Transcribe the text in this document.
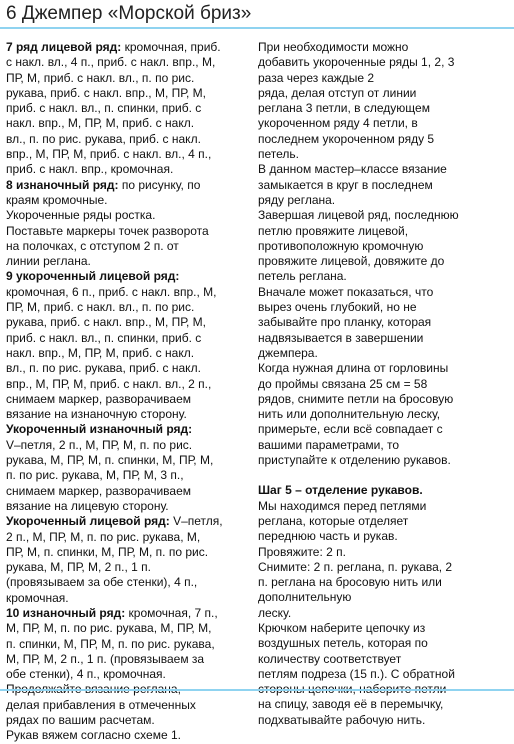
6 Джемпер «Морской бриз»

7 ряд лицевой ряд: кромочная, приб.
с накл. вл., 4 п., приб. с накл. впр., М,
ПР, М, приб. с накл. вл., п. по рис.
рукава, приб. с накл. впр., М, ПР, М,
приб. с накл. вл., п. спинки, приб. с
накл. впр., М, ПР, М, приб. с накл.
вл., п. по рис. рукава, приб. с накл.
впр., М, ПР, М, приб. с накл. вл., 4 п.,
приб. с накл. впр., кромочная.

8 изнаночный ряд: по рисунку, по
краям кромочные.
Укороченные ряды ростка.
Поставьте маркеры точек разворота
на полочках, с отступом 2 п. от
линии реглана.

9 укороченный лицевой ряд:
кромочная, 6 п., приб. с накл. впр., М,
ПР, М, приб. с накл. вл., п. по рис.
рукава, приб. с накл. впр., М, ПР, М,
приб. с накл. вл., п. спинки, приб. с
накл. впр., М, ПР, М, приб. с накл.
вл., п. по рис. рукава, приб. с накл.
впр., М, ПР, М, приб. с накл. вл., 2 п.,
снимаем маркер, разворачиваем
вязание на изнаночную сторону.

Укороченный изнаночный ряд:
V–петля, 2 п., М, ПР, М, п. по рис.
рукава, М, ПР, М, п. спинки, М, ПР, М,
п. по рис. рукава, М, ПР, М, 3 п.,
снимаем маркер, разворачиваем
вязание на лицевую сторону.

Укороченный лицевой ряд: V–петля,
2 п., М, ПР, М, п. по рис. рукава, М,
ПР, М, п. спинки, М, ПР, М, п. по рис.
рукава, М, ПР, М, 2 п., 1 п.
(провязываем за обе стенки), 4 п.,
кромочная.

10 изнаночный ряд: кромочная, 7 п.,
М, ПР, М, п. по рис. рукава, М, ПР, М,
п. спинки, М, ПР, М, п. по рис. рукава,
М, ПР, М, 2 п., 1 п. (провязываем за
обе стенки), 4 п., кромочная.
Продолжайте вязание реглана,
делая прибавления в отмеченных
рядах по вашим расчетам.
Рукав вяжем согласно схеме 1.

При необходимости можно
добавить укороченные ряды 1, 2, 3
раза через каждые 2
ряда, делая отступ от линии
реглана 3 петли, в следующем
укороченном ряду 4 петли, в
последнем укороченном ряду 5
петель.
В данном мастер–классе вязание
замыкается в круг в последнем
ряду реглана.
Завершая лицевой ряд, последнюю
петлю провяжите лицевой,
противоположную кромочную
провяжите лицевой, довяжите до
петель реглана.
Вначале может показаться, что
вырез очень глубокий, но не
забывайте про планку, которая
надвязывается в завершении
джемпера.
Когда нужная длина от горловины
до проймы связана 25 см = 58
рядов, снимите петли на бросовую
нить или дополнительную леску,
примерьте, если всё совпадает с
вашими параметрами, то
приступайте к отделению рукавов.

Шаг 5 – отделение рукавов.
Мы находимся перед петлями
реглана, которые отделяет
переднюю часть и рукав.
Провяжите: 2 п.
Снимите: 2 п. реглана, п. рукава, 2
п. реглана на бросовую нить или
дополнительную
леску.
Крючком наберите цепочку из
воздушных петель, которая по
количеству соответствует
петлям подреза (15 п.). С обратной
стороны цепочки, наберите петли
на спицу, заводя её в перемычку,
подхватывайте рабочую нить.
